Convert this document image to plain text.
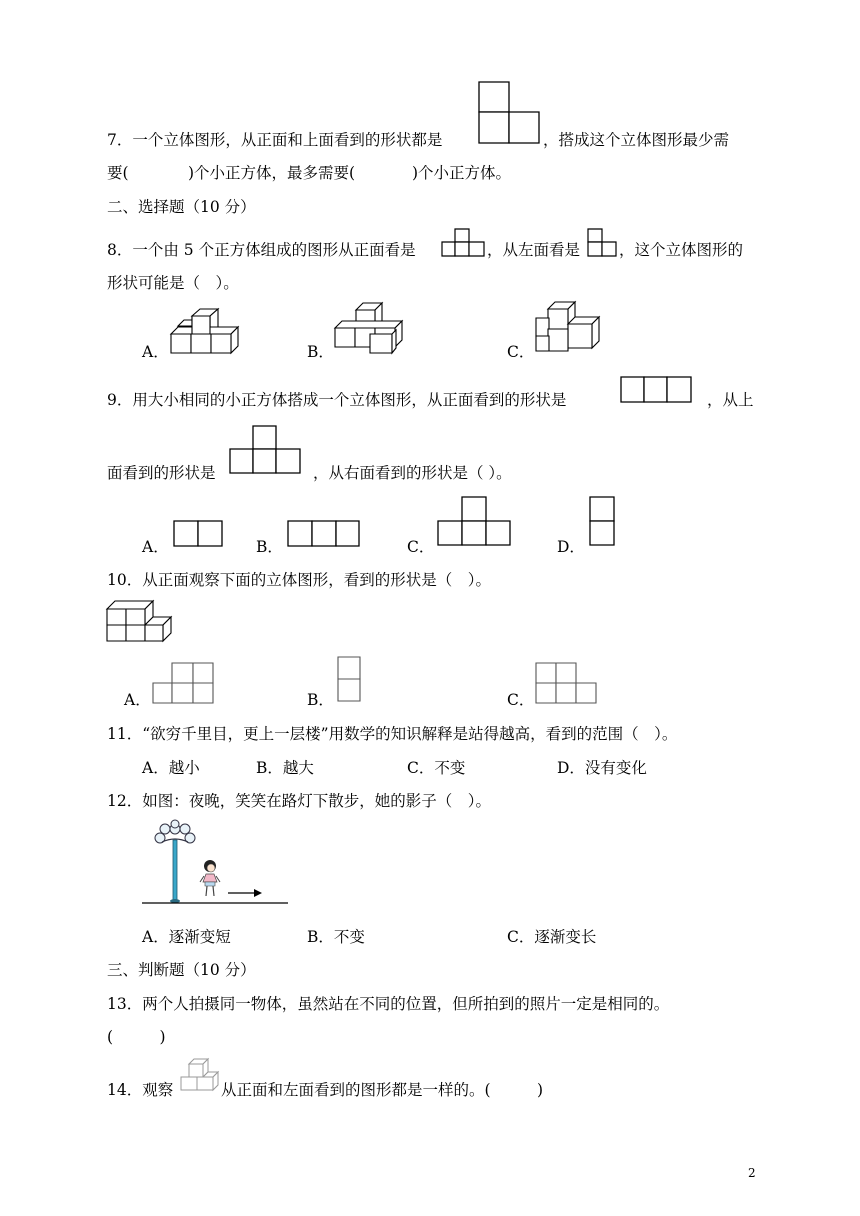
7．一个立体图形，从正面和上面看到的形状都是	，搭成这个立体图形最少需
要(	)个小正方体，最多需要(	)个小正方体。
二、选择题（10 分）
8．一个由 5 个正方体组成的图形从正面看是	，从左面看是	，这个立体图形的
形状可能是（　）。
A．	B．	C．
9．用大小相同的小正方体搭成一个立体图形，从正面看到的形状是	，从上
面看到的形状是	，从右面看到的形状是（ ）。
A．	B．	C．	D．
10．从正面观察下面的立体图形，看到的形状是（　）。
A．	B．	C．
11．“欲穷千里目，更上一层楼”用数学的知识解释是站得越高，看到的范围（　）。
A．越小	B．越大	C．不变	D．没有变化
12．如图：夜晚，笑笑在路灯下散步，她的影子（　）。
A．逐渐变短	B．不变	C．逐渐变长
三、判断题（10 分）
13．两个人拍摄同一物体，虽然站在不同的位置，但所拍到的照片一定是相同的。
(　　　)
14．观察	从正面和左面看到的图形都是一样的。(　　　)
2
